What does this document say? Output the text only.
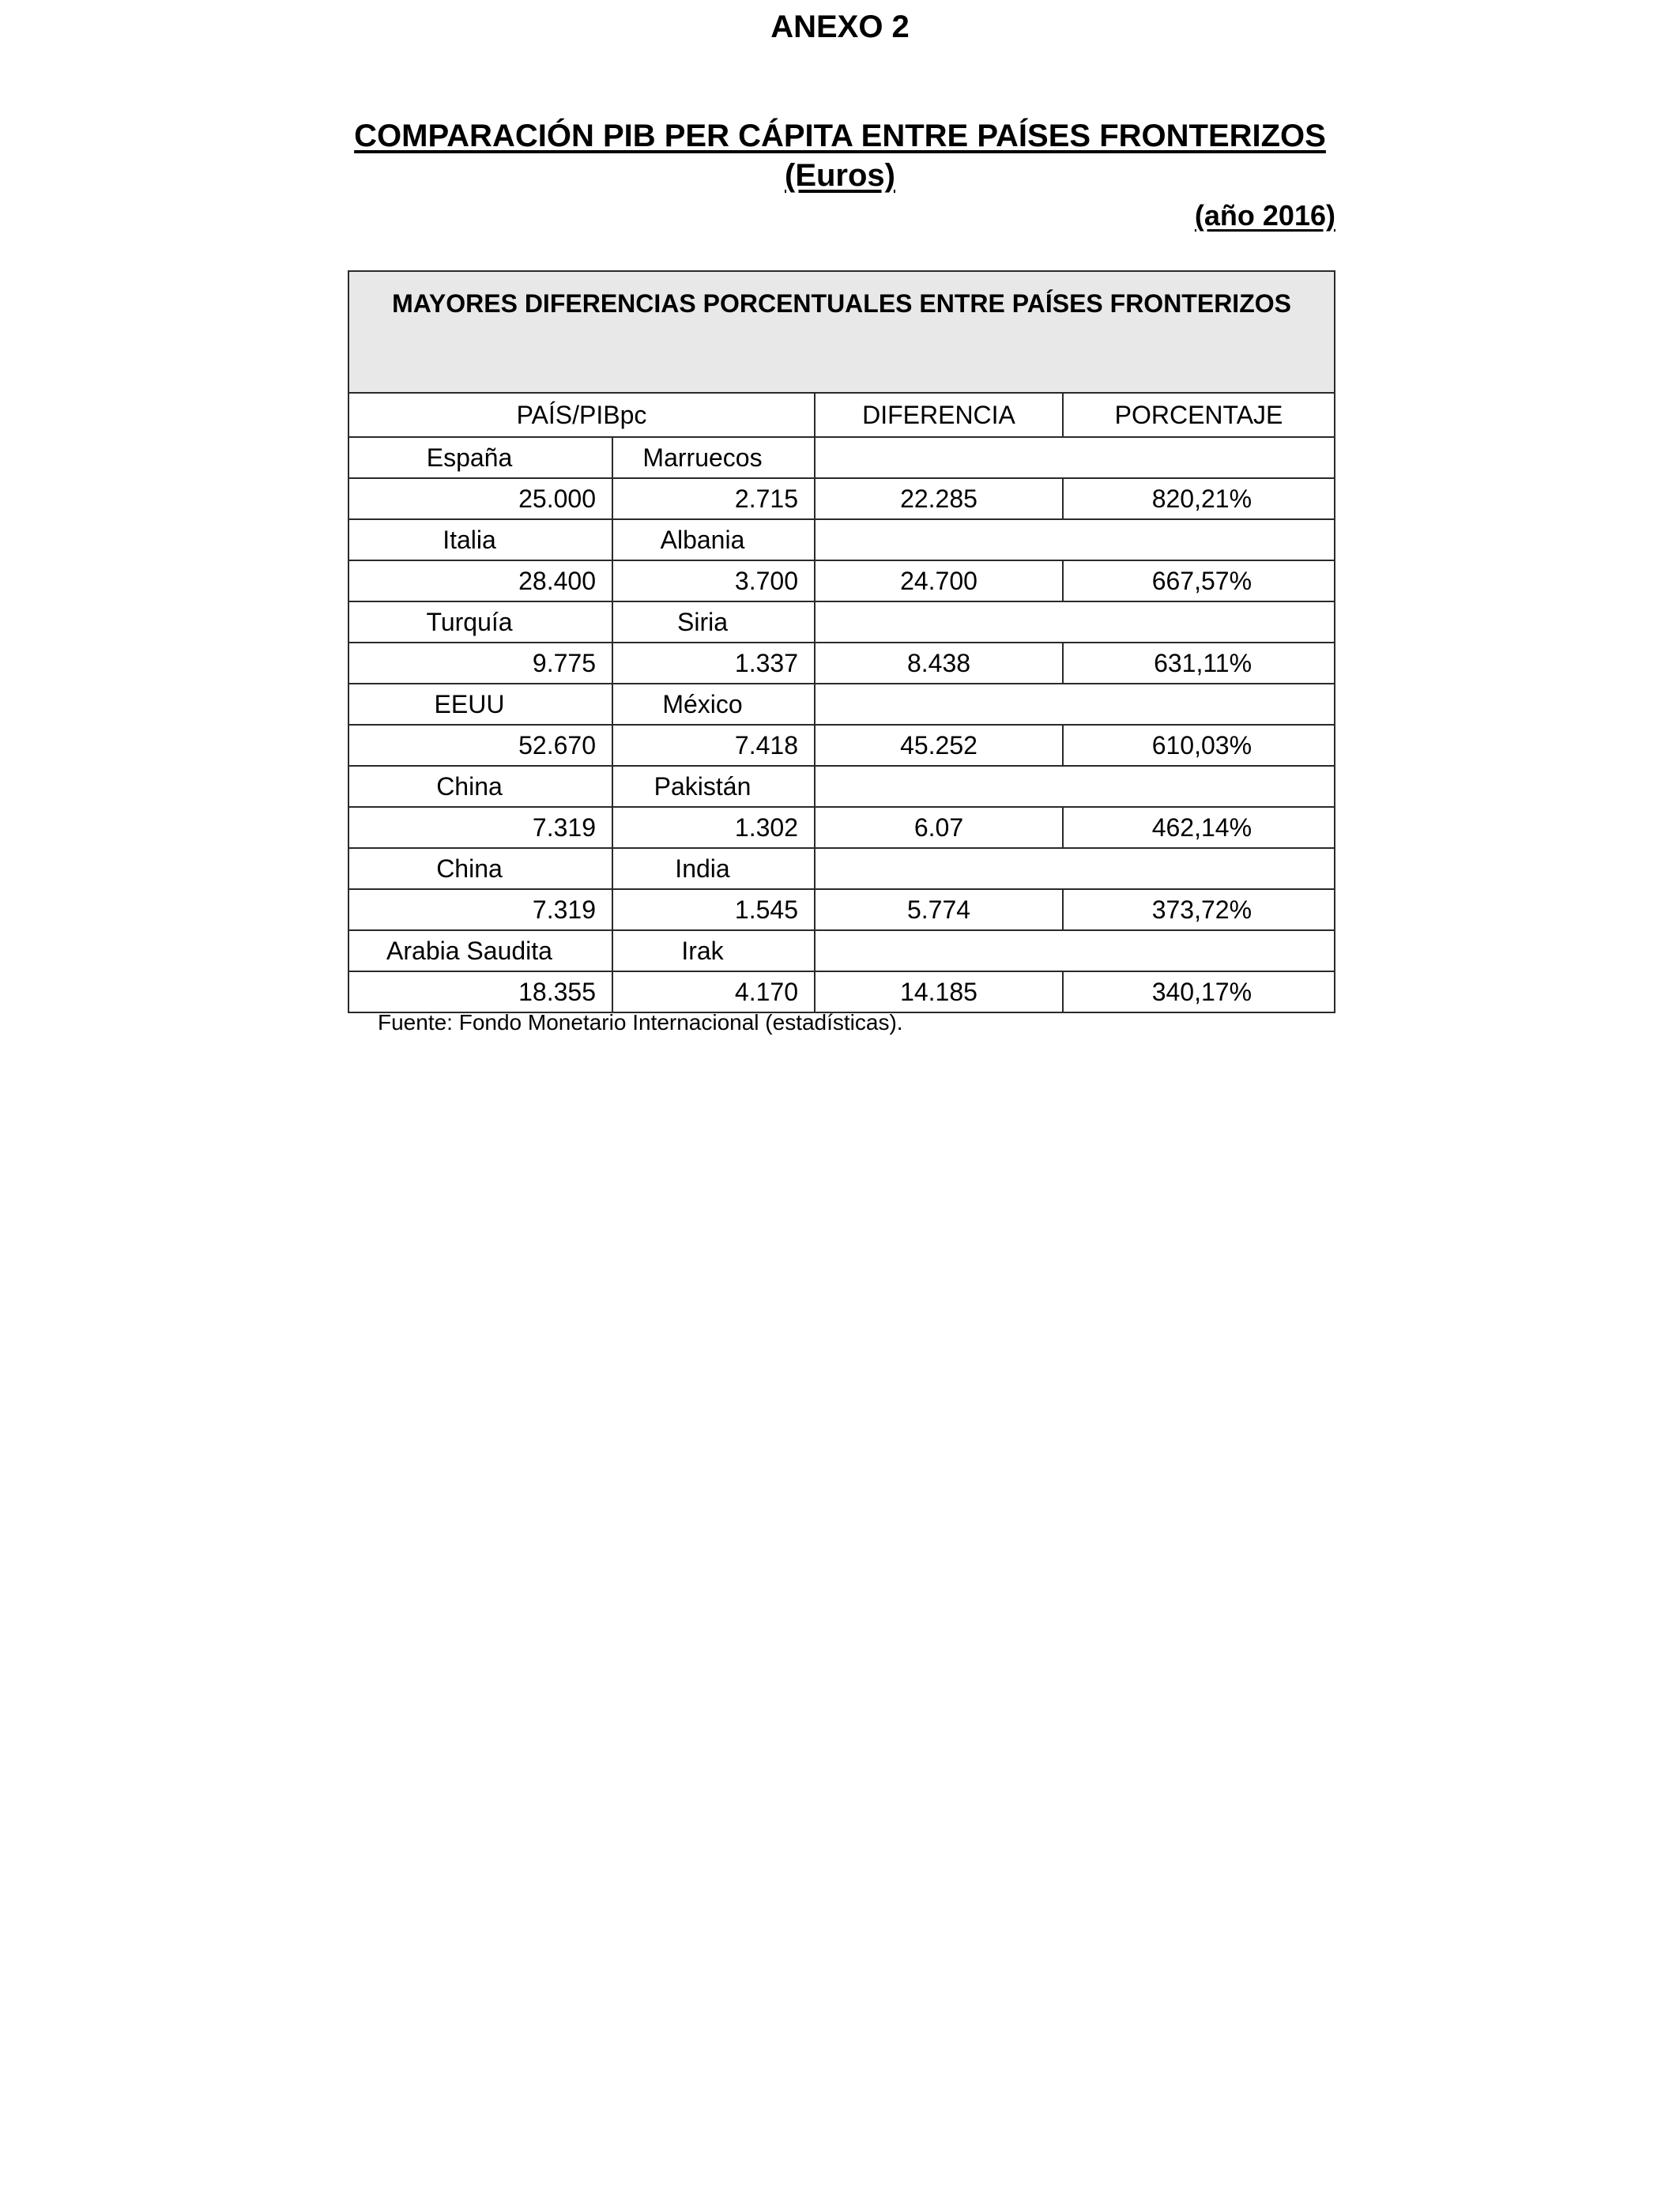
ANEXO 2
COMPARACIÓN PIB PER CÁPITA ENTRE PAÍSES FRONTERIZOS
(Euros)
(año 2016)
MAYORES DIFERENCIAS PORCENTUALES ENTRE PAÍSES FRONTERIZOS			
PAÍS/PIBpc		DIFERENCIA	PORCENTAJE
España	Marruecos		
25.000	2.715	22.285	820,21%
Italia	Albania		
28.400	3.700	24.700	667,57%
Turquía	Siria		
9.775	1.337	8.438	631,11%
EEUU	México		
52.670	7.418	45.252	610,03%
China	Pakistán		
7.319	1.302	6.07	462,14%
China	India		
7.319	1.545	5.774	373,72%
Arabia Saudita	Irak		
18.355	4.170	14.185	340,17%
Fuente: Fondo Monetario Internacional (estadísticas).
